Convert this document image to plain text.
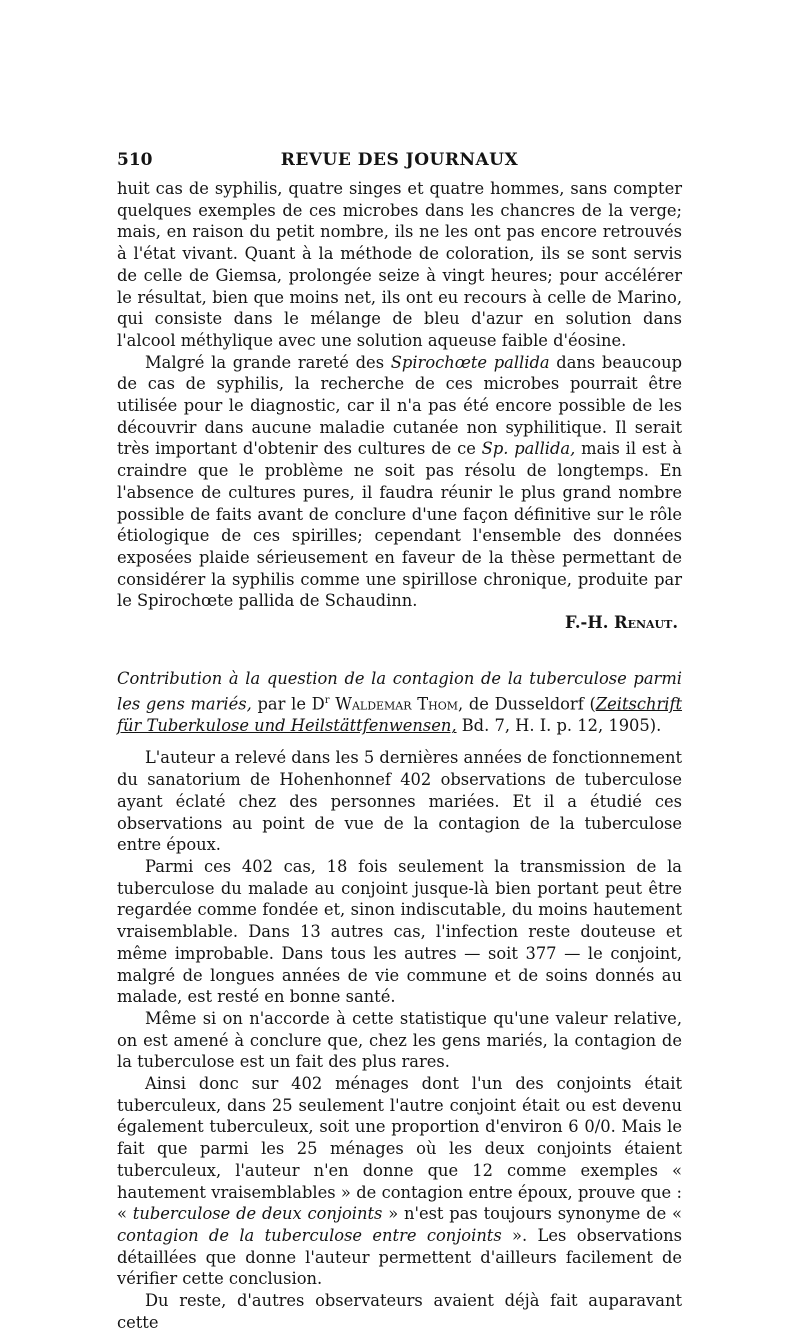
510	REVUE DES JOURNAUX

huit cas de syphilis, quatre singes et quatre hommes, sans compter quelques exemples de ces microbes dans les chancres de la verge; mais, en raison du petit nombre, ils ne les ont pas encore retrouvés à l'état vivant. Quant à la méthode de coloration, ils se sont servis de celle de Giemsa, prolongée seize à vingt heures; pour accélérer le résultat, bien que moins net, ils ont eu recours à celle de Marino, qui consiste dans le mélange de bleu d'azur en solution dans l'alcool méthylique avec une solution aqueuse faible d'éosine.

Malgré la grande rareté des Spirochœte pallida dans beaucoup de cas de syphilis, la recherche de ces microbes pourrait être utilisée pour le diagnostic, car il n'a pas été encore possible de les découvrir dans aucune maladie cutanée non syphilitique. Il serait très important d'obtenir des cultures de ce Sp. pallida, mais il est à craindre que le problème ne soit pas résolu de longtemps. En l'absence de cultures pures, il faudra réunir le plus grand nombre possible de faits avant de conclure d'une façon définitive sur le rôle étiologique de ces spirilles; cependant l'ensemble des données exposées plaide sérieusement en faveur de la thèse permettant de considérer la syphilis comme une spirillose chronique, produite par le Spirochœte pallida de Schaudinn.

F.-H. Renaut.

Contribution à la question de la contagion de la tuberculose parmi les gens mariés, par le $D^r$ Waldemar Thom, de Dusseldorf (Zeitschrift für Tuberkulose und Heilstättfenwensen, Bd. 7, H. I. p. 12, 1905).

L'auteur a relevé dans les 5 dernières années de fonctionnement du sanatorium de Hohenhonnef 402 observations de tuberculose ayant éclaté chez des personnes mariées. Et il a étudié ces observations au point de vue de la contagion de la tuberculose entre époux.

Parmi ces 402 cas, 18 fois seulement la transmission de la tuberculose du malade au conjoint jusque-là bien portant peut être regardée comme fondée et, sinon indiscutable, du moins hautement vraisemblable. Dans 13 autres cas, l'infection reste douteuse et même improbable. Dans tous les autres — soit 377 — le conjoint, malgré de longues années de vie commune et de soins donnés au malade, est resté en bonne santé.

Même si on n'accorde à cette statistique qu'une valeur relative, on est amené à conclure que, chez les gens mariés, la contagion de la tuberculose est un fait des plus rares.

Ainsi donc sur 402 ménages dont l'un des conjoints était tuberculeux, dans 25 seulement l'autre conjoint était ou est devenu également tuberculeux, soit une proportion d'environ 6 0/0. Mais le fait que parmi les 25 ménages où les deux conjoints étaient tuberculeux, l'auteur n'en donne que 12 comme exemples « hautement vraisemblables » de contagion entre époux, prouve que : « tuberculose de deux conjoints » n'est pas toujours synonyme de « contagion de la tuberculose entre conjoints ». Les observations détaillées que donne l'auteur permettent d'ailleurs facilement de vérifier cette conclusion.

Du reste, d'autres observateurs avaient déjà fait auparavant cette
